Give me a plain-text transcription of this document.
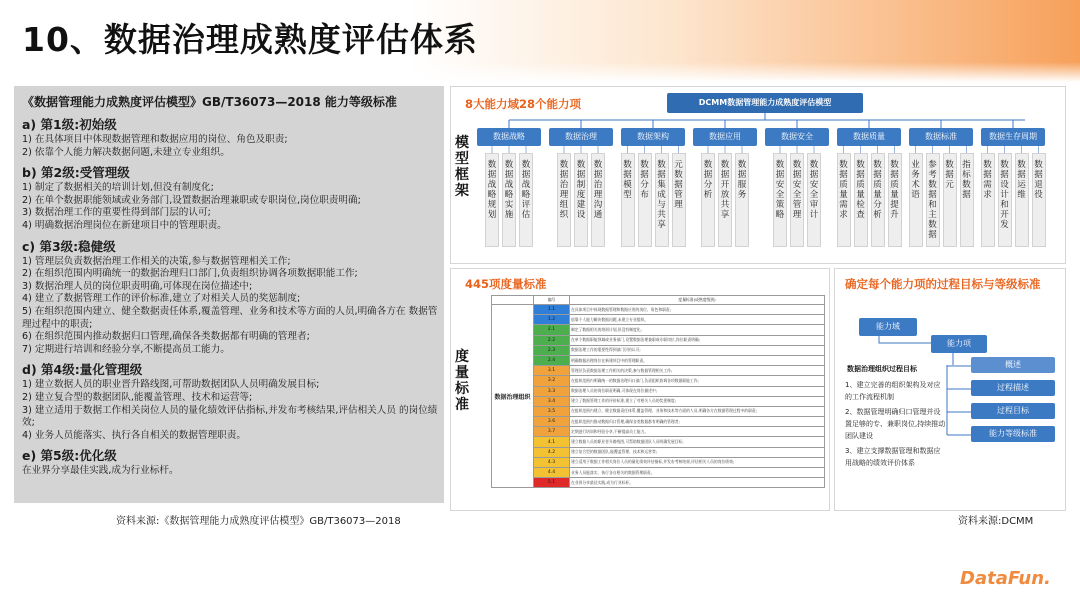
10、数据治理成熟度评估体系
《数据管理能力成熟度评估模型》GB/T36073—2018 能力等级标准
a) 第1级:初始级
1) 在具体项目中体现数据管理和数据应用的岗位、角色及职责;
2) 依靠个人能力解决数据问题,未建立专业组织。
b) 第2级:受管理级
1) 制定了数据相关的培训计划,但没有制度化;
2) 在单个数据职能领域或业务部门,设置数据治理兼职或专职岗位,岗位职责明确;
3) 数据治理工作的重要性得到部门层的认可;
4) 明确数据治理岗位在新建项目中的管理职责。
c) 第3级:稳健级
1) 管理层负责数据治理工作相关的决策,参与数据管理相关工作;
2) 在组织范围内明确统一的数据治理归口部门,负责组织协调各项数据职能工作;
3) 数据治理人员的岗位职责明确,可体现在岗位描述中;
4) 建立了数据管理工作的评价标准,建立了对相关人员的奖惩制度;
5) 在组织范围内建立、健全数据责任体系,覆盖管理、业务和技术等方面的人员,明确各方在 数据管理过程中的职责;
6) 在组织范围内推动数据归口管理,确保各类数据都有明确的管理者;
7) 定期进行培训和经验分享,不断提高员工能力。
d) 第4级:量化管理级
1) 建立数据人员的职业晋升路线图,可帮助数据团队人员明确发展目标;
2) 建立复合型的数据团队,能覆盖管理、技术和运营等;
3) 建立适用于数据工作相关岗位人员的量化绩效评估指标,并发布考核结果,评估相关人员 的岗位绩效;
4) 业务人员能落实、执行各自相关的数据管理职责。
e) 第5级:优化级
在业界分享最佳实践,成为行业标杆。
资料来源:《数据管理能力成熟度评估模型》GB/T36073—2018
8大能力域28个能力项	DCMM数据管理能力成熟度评估模型
模型框架
数据战略
数据战略规划
数据战略实施
数据战略评估
数据治理
数据治理组织
数据制度建设
数据治理沟通
数据架构
数据模型
数据分布
数据集成与共享
元数据管理
数据应用
数据分析
数据开放共享
数据服务
数据安全
数据安全策略
数据安全管理
数据安全审计
数据质量
数据质量需求
数据质量检查
数据质量分析
数据质量提升
数据标准
业务术语
参考数据和主数据
数据元
指标数据
数据生存周期
数据需求
数据设计和开发
数据运维
数据退役
445项度量标准
度量标准
	编号	度量标准(成熟度级别)
数据治理组织	1.1	在具体项目中体现数据管理和数据应用的岗位、角色和职责;
	1.2	依靠个人能力解决数据问题,未建立专业组织。
	2.1	制定了数据相关的培训计划,但没有制度化;
	2.2	在单个数据职能领域或业务部门,设置数据治理兼职或专职岗位,岗位职责明确;
	2.3	数据治理工作的重要性得到部门层的认可;
	2.4	明确数据治理岗位在新建项目中的管理职责。
	3.1	管理层负责数据治理工作相关的决策,参与数据管理相关工作;
	3.2	在组织范围内明确统一的数据治理归口部门,负责组织协调各项数据职能工作;
	3.3	数据治理人员的岗位职责明确,可体现在岗位描述中;
	3.4	建立了数据管理工作的评价标准,建立了对相关人员的奖惩制度;
	3.5	在组织范围内建立、健全数据责任体系,覆盖管理、业务和技术等方面的人员,明确各方在数据管理过程中的职责;
	3.6	在组织范围内推动数据归口管理,确保各类数据都有明确的管理者;
	3.7	定期进行培训和经验分享,不断提高员工能力。
	4.1	建立数据人员的职业晋升路线图,可帮助数据团队人员明确发展目标;
	4.2	建立复合型的数据团队,能覆盖管理、技术和运营等;
	4.3	建立适用于数据工作相关岗位人员的量化绩效评估指标,并发布考核结果,评估相关人员的岗位绩效;
	4.4	业务人员能落实、执行各自相关的数据管理职责。
	5.1	在业界分享最佳实践,成为行业标杆。
确定每个能力项的过程目标与等级标准
能力域
能力项
数据治理组织过程目标
1、建立完善的组织架构及对应的工作流程机制
2、数据管理明确归口管理并设置足够的专、兼职岗位,持续推动团队建设
3、建立支撑数据管理和数据应用战略的绩效评价体系
概述
过程描述
过程目标
能力等级标准
资料来源:DCMM
DataFun.
